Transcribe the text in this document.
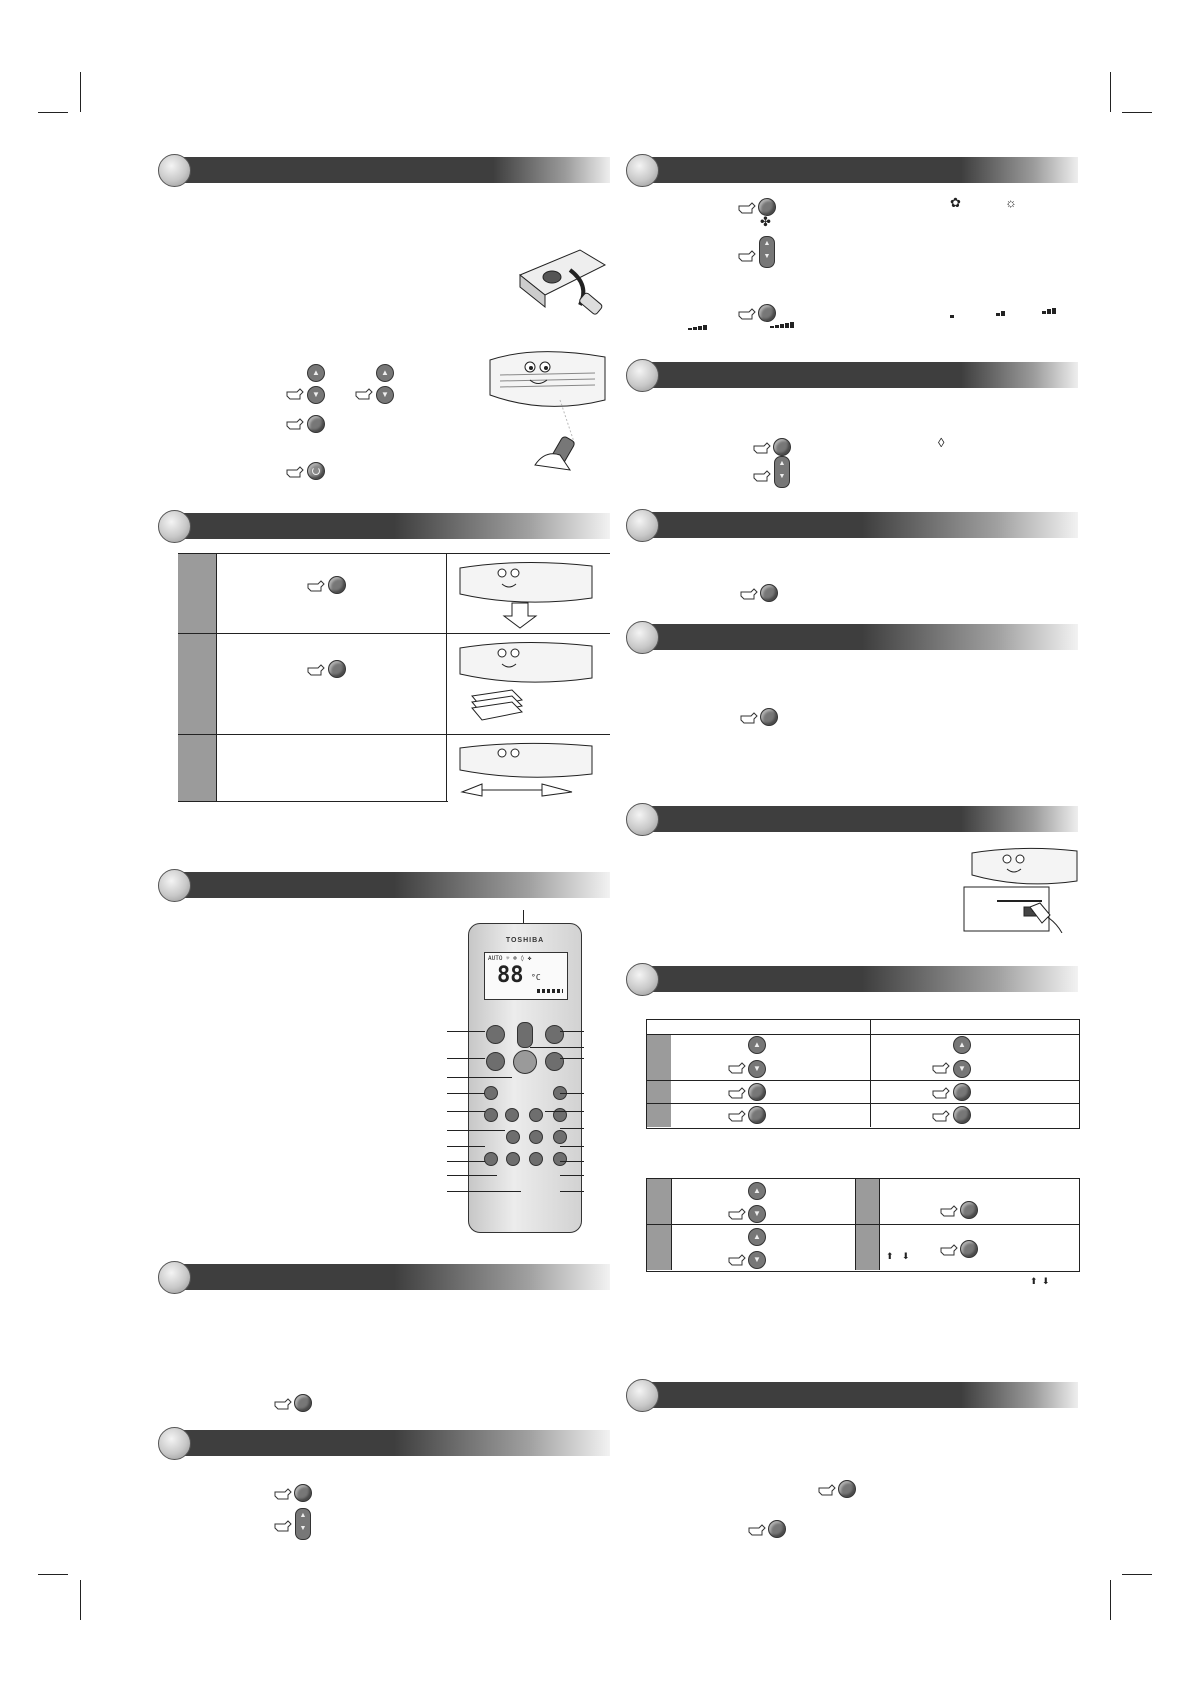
▲	▲
▼	▼
TOSHIBA
AUTO ☼ ❄ ◊ ✤
88 °C
▲
▼
✤
✿	☼
▲
▼
◊
▲
▼
▲
▼
▲
▼
▲
▼
▲
▼	⬆ ⬇
⬆ ⬇
